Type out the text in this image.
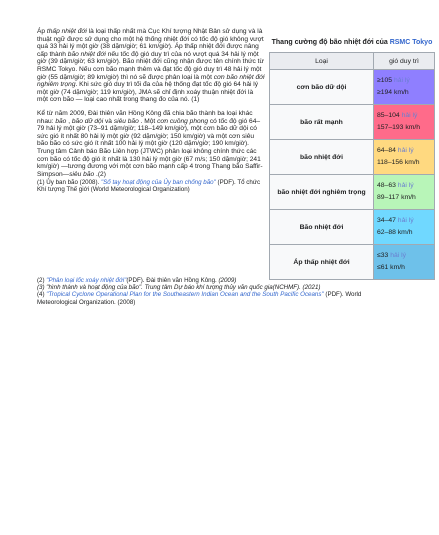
Áp thấp nhiệt đới là loại thấp nhất mà Cục Khí tượng Nhật Bản sử dụng và là thuật ngữ được sử dụng cho một hệ thống nhiệt đới có tốc độ gió không vượt quá 33 hải lý một giờ (38 dặm/giờ; 61 km/giờ). Áp thấp nhiệt đới được nâng cấp thành bão nhiệt đới nếu tốc độ gió duy trì của nó vượt quá 34 hải lý một giờ (39 dặm/giờ; 63 km/giờ). Bão nhiệt đới cũng nhận được tên chính thức từ RSMC Tokyo. Nếu cơn bão mạnh thêm và đạt tốc độ gió duy trì 48 hải lý một giờ (55 dặm/giờ; 89 km/giờ) thì nó sẽ được phân loại là một cơn bão nhiệt đới nghiêm trọng. Khi sức gió duy trì tối đa của hệ thống đạt tốc độ gió 64 hải lý một giờ (74 dặm/giờ; 119 km/giờ), JMA sẽ chỉ định xoáy thuận nhiệt đới là một cơn bão — loại cao nhất trong thang đo của nó. (1)

Kể từ năm 2009, Đài thiên văn Hồng Kông đã chia bão thành ba loại khác nhau: bão , bão dữ dội và siêu bão . Một cơn cuồng phong có tốc độ gió 64–79 hải lý một giờ (73–91 dặm/giờ; 118–149 km/giờ), một cơn bão dữ dội có sức gió ít nhất 80 hải lý một giờ (92 dặm/giờ; 150 km/giờ) và một cơn siêu bão bão có sức gió ít nhất 100 hải lý một giờ (120 dặm/giờ; 190 km/giờ). Trung tâm Cảnh báo Bão Liên hợp (JTWC) phân loại không chính thức các cơn bão có tốc độ gió ít nhất là 130 hải lý một giờ (67 m/s; 150 dặm/giờ; 241 km/giờ) —tương đương với một cơn bão mạnh cấp 4 trong Thang bão Saffir-Simpson—siêu bão .(2)

(1) Ủy ban bão (2008). "Số tay hoạt động của Ủy ban chống bão" (PDF). Tổ chức Khí tượng Thế giới (World Meteorological Organization)
(2) "Phân loại lốc xoáy nhiệt đới"(PDF). Đài thiên văn Hồng Kông. (2009)
(3) "hình thành và hoạt động của bão". Trung tâm Dự báo khí tượng thủy văn quốc gia(NCHMF). (2021)
(4) "Tropical Cyclone Operational Plan for the Southeastern Indian Ocean and the South Pacific Oceans" (PDF). World Meteorological Organization. (2008)
Thang cường độ bão nhiệt đới của RSMC Tokyo
Loại	gió duy trì
cơn bão dữ dội	≥105 hải lý
≥194 km/h

bão rất mạnh	85–104 hải lý
157–193 km/h

bão nhiệt đới	64–84 hải lý
118–156 km/h

bão nhiệt đới nghiêm trọng	48–63 hải lý
89–117 km/h

Bão nhiệt đới	34–47 hải lý
62–88 km/h

Áp thấp nhiệt đới	≤33 hải lý
≤61 km/h
